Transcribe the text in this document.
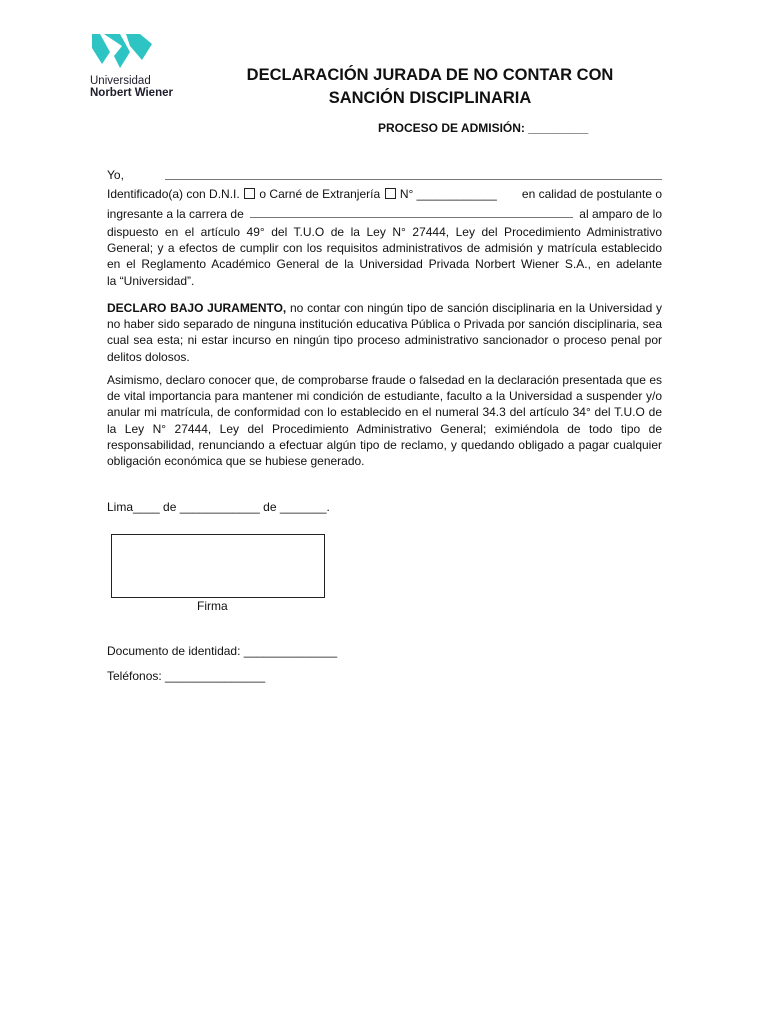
Universidad
Norbert Wiener
DECLARACIÓN JURADA DE NO CONTAR CON
SANCIÓN DISCIPLINARIA
PROCESO DE ADMISIÓN: _________
Yo,
Identificado(a) con D.N.I. o Carné de Extranjería N° ____________ en calidad de postulante o
ingresante a la carrera de	al amparo de lo
dispuesto en el artículo 49° del T.U.O de la Ley N° 27444, Ley del Procedimiento Administrativo
General; y a efectos de cumplir con los requisitos administrativos de admisión y matrícula establecido
en el Reglamento Académico General de la Universidad Privada Norbert Wiener S.A., en adelante
la “Universidad”.

DECLARO BAJO JURAMENTO, no contar con ningún tipo de sanción disciplinaria en la Universidad y no haber sido separado de ninguna institución educativa Pública o Privada por sanción disciplinaria, sea cual sea esta; ni estar incurso en ningún tipo proceso administrativo sancionador o proceso penal por delitos dolosos.

Asimismo, declaro conocer que, de comprobarse fraude o falsedad en la declaración presentada que es de vital importancia para mantener mi condición de estudiante, faculto a la Universidad a suspender y/o anular mi matrícula, de conformidad con lo establecido en el numeral 34.3 del artículo 34° del T.U.O de la Ley N° 27444, Ley del Procedimiento Administrativo General; eximiéndola de todo tipo de responsabilidad, renunciando a efectuar algún tipo de reclamo, y quedando obligado a pagar cualquier obligación económica que se hubiese generado.

Lima____ de ____________ de _______.
Firma
Documento de identidad: ______________
Teléfonos: _______________
